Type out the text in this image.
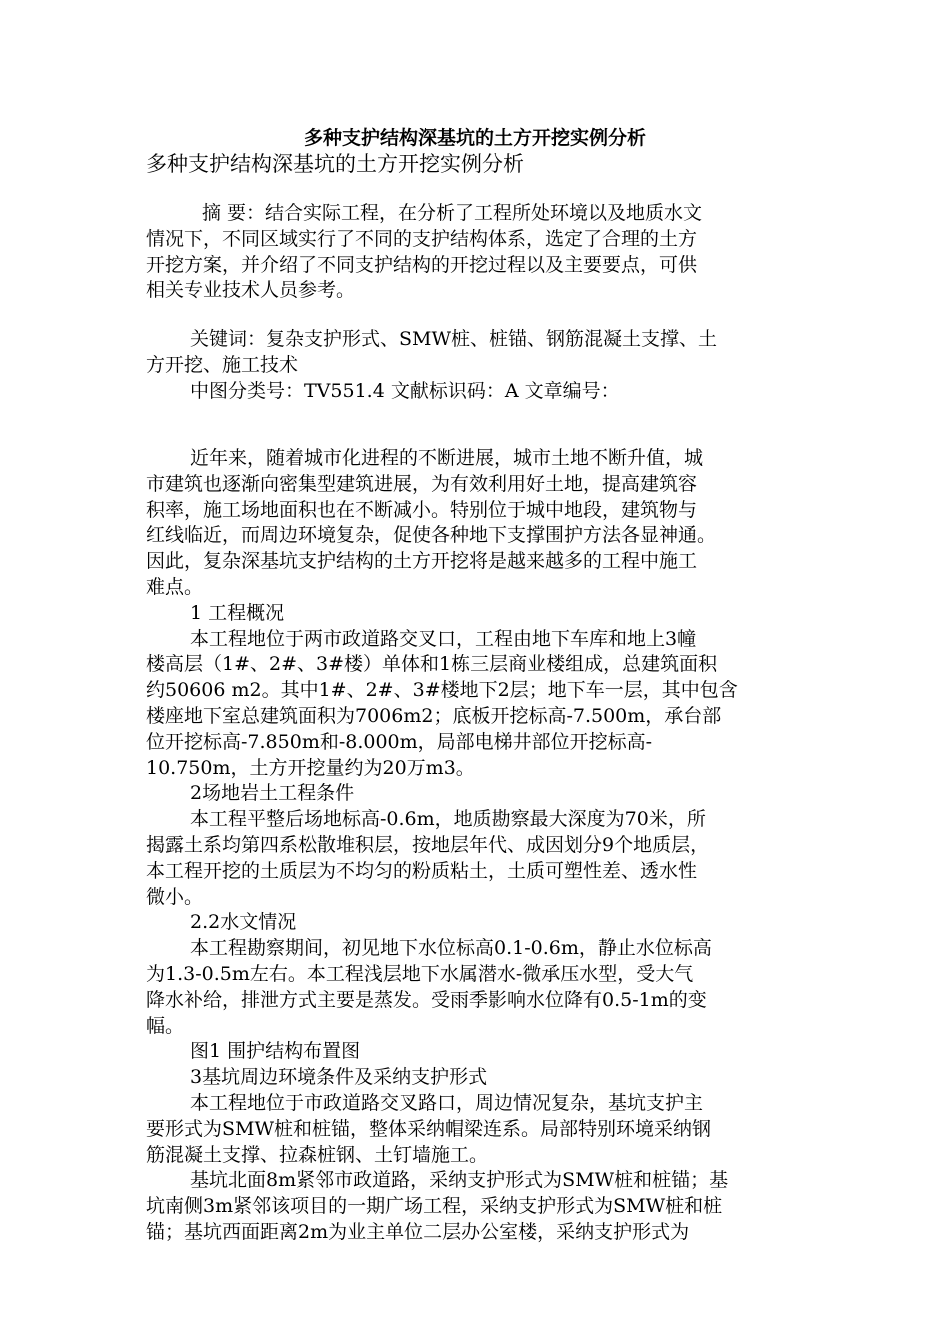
多种支护结构深基坑的土方开挖实例分析
多种支护结构深基坑的土方开挖实例分析
摘 要：结合实际工程，在分析了工程所处环境以及地质水文
情况下，不同区域实行了不同的支护结构体系，选定了合理的土方
开挖方案，并介绍了不同支护结构的开挖过程以及主要要点，可供
相关专业技术人员参考。
关键词：复杂支护形式、SMW桩、桩锚、钢筋混凝土支撑、土
方开挖、施工技术
中图分类号：TV551.4 文献标识码：A 文章编号：
近年来，随着城市化进程的不断进展，城市土地不断升值，城
市建筑也逐渐向密集型建筑进展，为有效利用好土地，提高建筑容
积率，施工场地面积也在不断减小。特别位于城中地段，建筑物与
红线临近，而周边环境复杂，促使各种地下支撑围护方法各显神通。
因此，复杂深基坑支护结构的土方开挖将是越来越多的工程中施工
难点。
1 工程概况
本工程地位于两市政道路交叉口，工程由地下车库和地上3幢
楼高层（1#、2#、3#楼）单体和1栋三层商业楼组成，总建筑面积
约50606 m2。其中1#、2#、3#楼地下2层；地下车一层，其中包含
楼座地下室总建筑面积为7006m2；底板开挖标高-7.500m，承台部
位开挖标高-7.850m和-8.000m，局部电梯井部位开挖标高-
10.750m，土方开挖量约为20万m3。
2场地岩土工程条件
本工程平整后场地标高-0.6m，地质勘察最大深度为70米，所
揭露土系均第四系松散堆积层，按地层年代、成因划分9个地质层，
本工程开挖的土质层为不均匀的粉质粘土，土质可塑性差、透水性
微小。
2.2水文情况
本工程勘察期间，初见地下水位标高0.1-0.6m，静止水位标高
为1.3-0.5m左右。本工程浅层地下水属潜水-微承压水型，受大气
降水补给，排泄方式主要是蒸发。受雨季影响水位降有0.5-1m的变
幅。
图1 围护结构布置图
3基坑周边环境条件及采纳支护形式
本工程地位于市政道路交叉路口，周边情况复杂，基坑支护主
要形式为SMW桩和桩锚，整体采纳帽梁连系。局部特别环境采纳钢
筋混凝土支撑、拉森桩钢、土钉墙施工。
基坑北面8m紧邻市政道路，采纳支护形式为SMW桩和桩锚；基
坑南侧3m紧邻该项目的一期广场工程，采纳支护形式为SMW桩和桩
锚；基坑西面距离2m为业主单位二层办公室楼，采纳支护形式为
